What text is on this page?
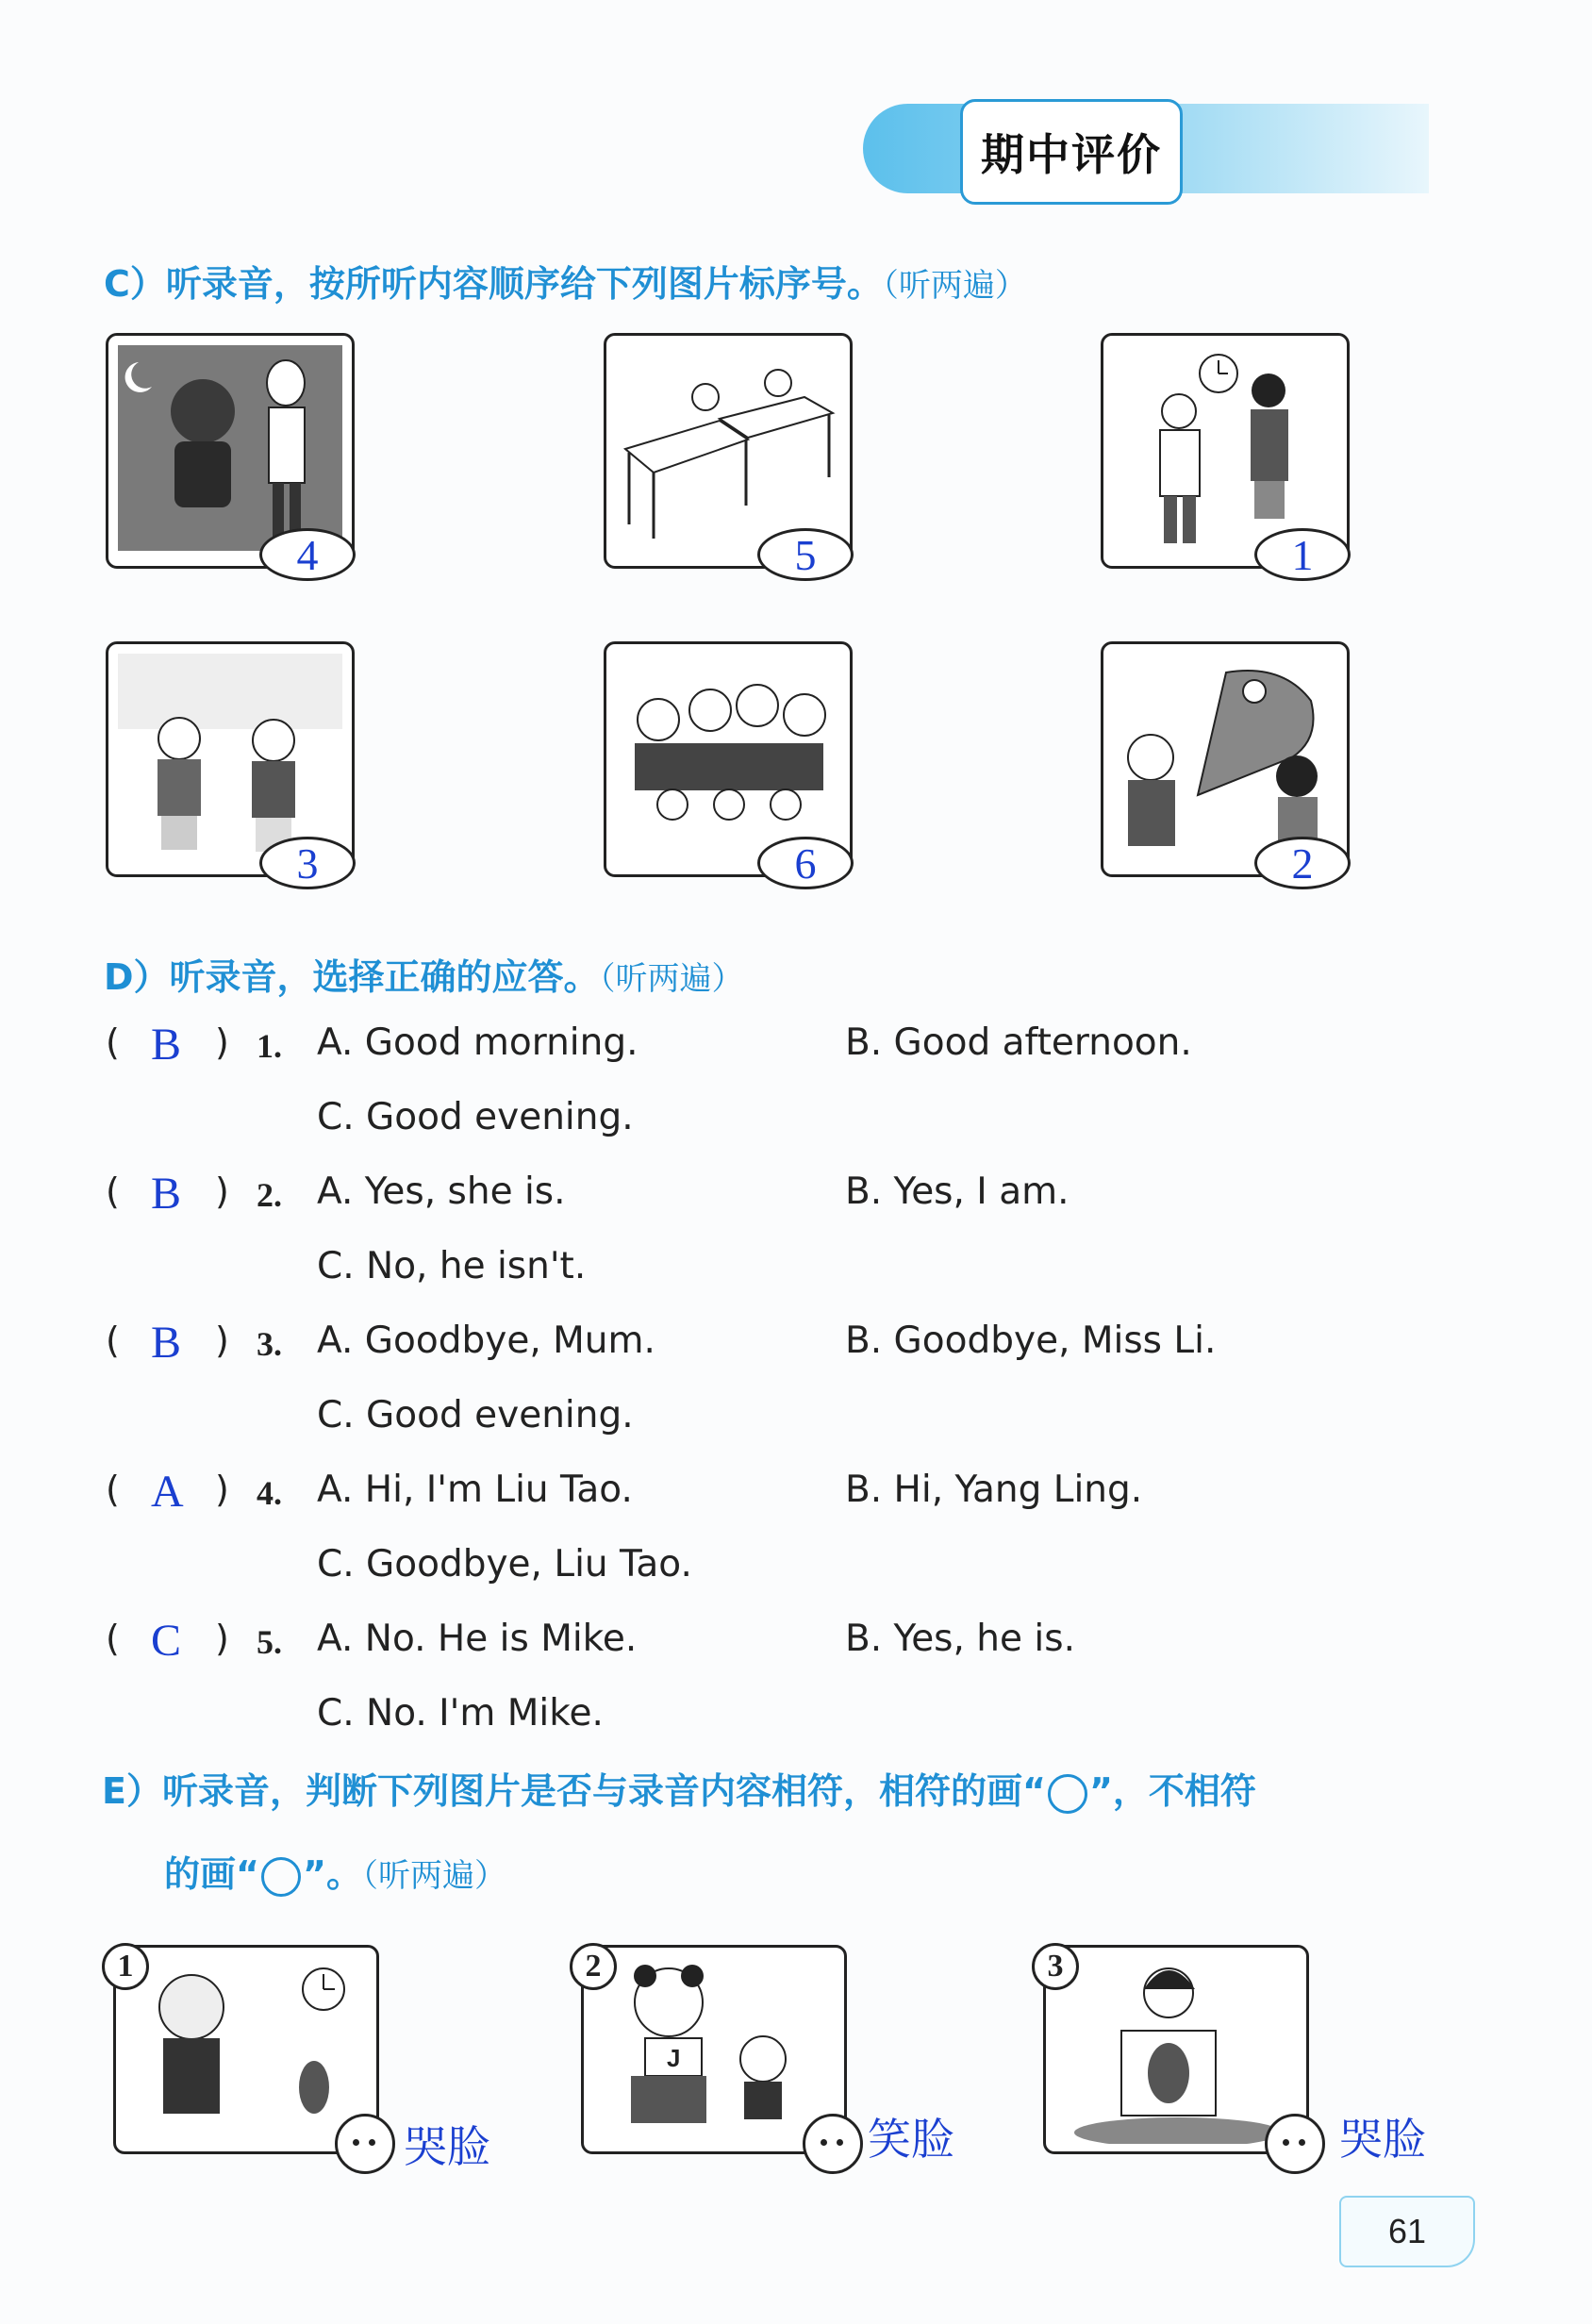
期中评价
C）听录音，按所听内容顺序给下列图片标序号。（听两遍）
4	5	1
3	6	2
D）听录音，选择正确的应答。（听两遍）
( B ) 1. A. Good morning.	B. Good afternoon.
C. Good evening.
( B ) 2. A. Yes, she is.	B. Yes, I am.
C. No, he isn't.
( B ) 3. A. Goodbye, Mum.	B. Goodbye, Miss Li.
C. Good evening.
( A ) 4. A. Hi, I'm Liu Tao.	B. Hi, Yang Ling.
C. Goodbye, Liu Tao.
( C ) 5. A. No. He is Mike.	B. Yes, he is.
C. No. I'm Mike.
E）听录音，判断下列图片是否与录音内容相符，相符的画“ ”，不相符
的画“ ”。（听两遍）
1
哭脸
J
2
笑脸
3
哭脸
61
